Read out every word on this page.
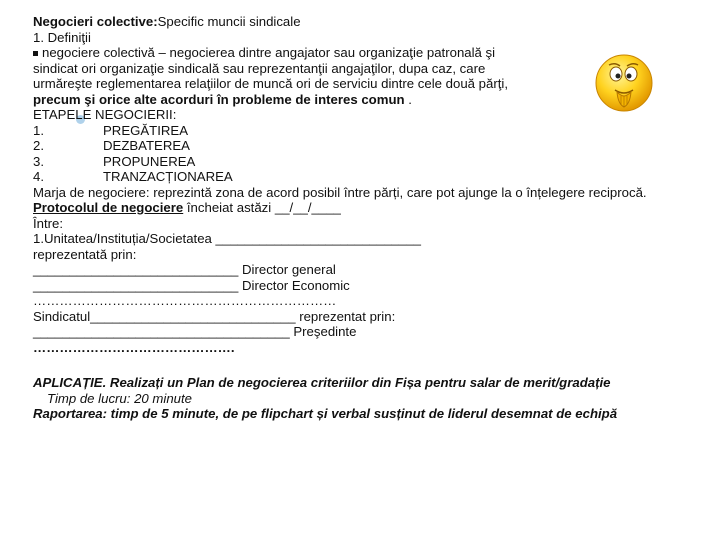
Negocieri colective:Specific muncii sindicale
1. Definiţii
negociere colectivă – negocierea dintre angajator sau organizaţie patronală şi
sindicat ori organizaţie sindicală sau reprezentanţii angajaţilor, dupa caz, care
urmăreşte reglementarea relaţiilor de muncă ori de serviciu dintre cele două părţi,
precum şi orice alte acorduri în probleme de interes comun .
ETAPELE NEGOCIERII:
1.	PREGĂTIREA
2.	DEZBATEREA
3.	PROPUNEREA
4.	TRANZACȚIONAREA
Marja de negociere: reprezintă zona de acord posibil între părți, care pot ajunge la o înțelegere reciprocă.
Protocolul de negociere încheiat astăzi __/__/____
Între:
1.Unitatea/Instituția/Societatea ____________________________
reprezentată prin:
____________________________ Director general
____________________________ Director Economic
……………………………………………………………
Sindicatul____________________________ reprezentat prin:
___________________________________ Preşedinte
……………………………………….
APLICAȚIE. Realizați un Plan de negocierea criteriilor din Fișa pentru salar de merit/gradație
Timp de lucru: 20 minute
Raportarea: timp de 5 minute, de pe flipchart și verbal susținut de liderul desemnat de echipă
